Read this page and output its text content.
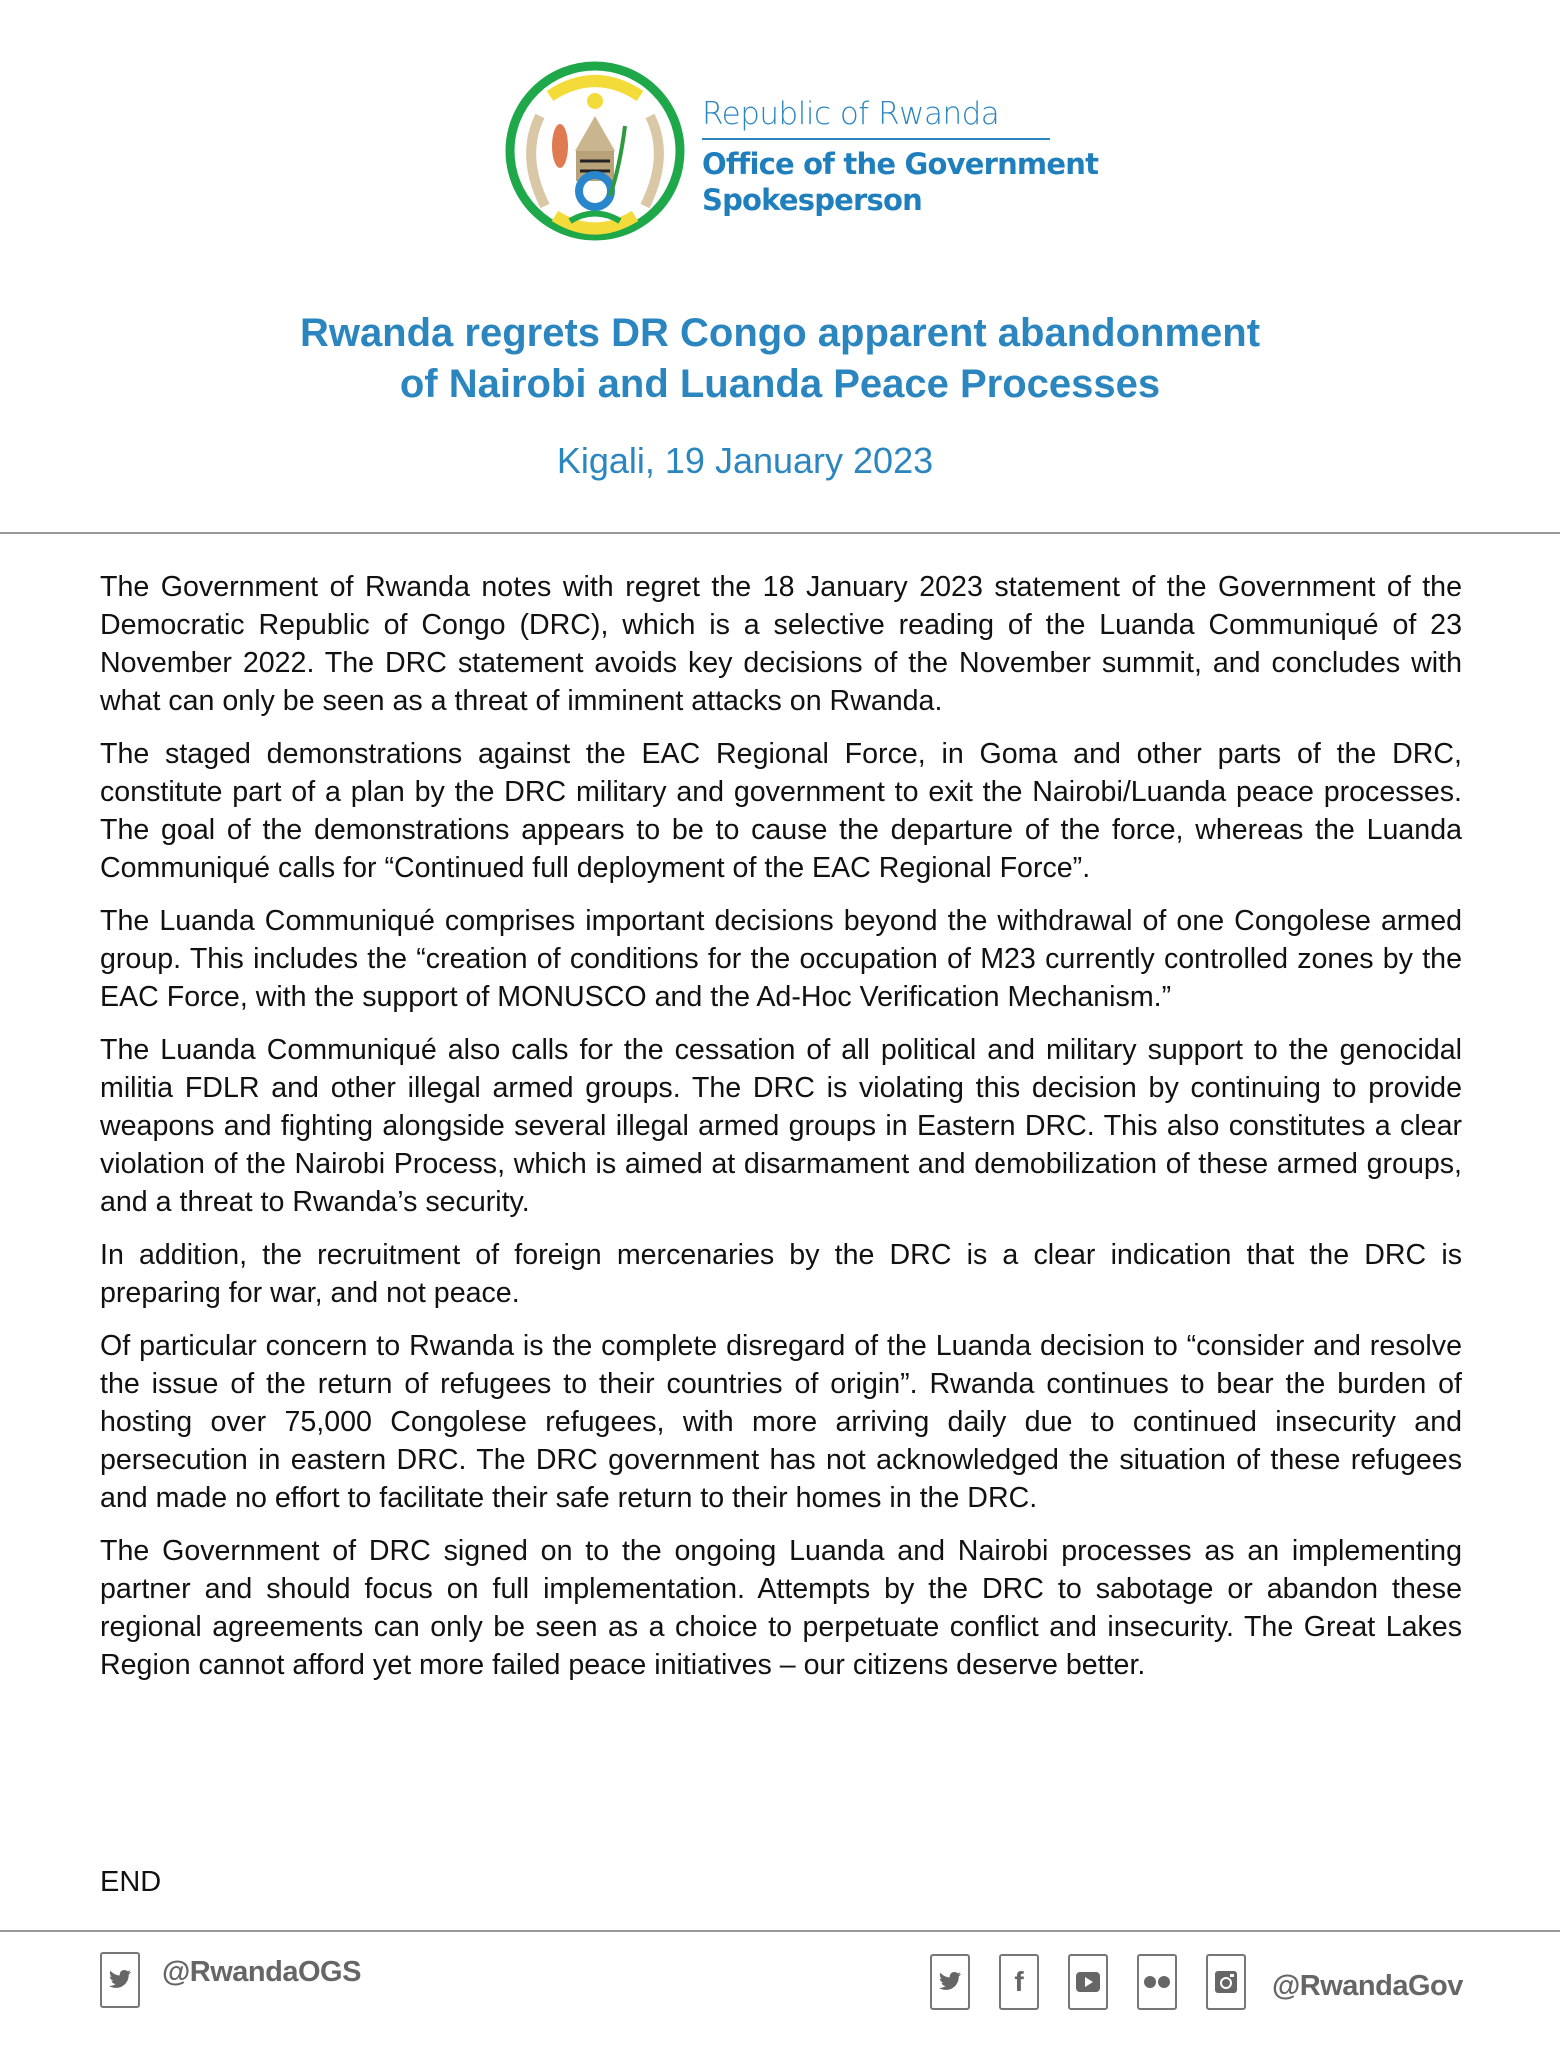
Republic of Rwanda
Office of the Government
Spokesperson
Rwanda regrets DR Congo apparent abandonment
of Nairobi and Luanda Peace Processes
Kigali, 19 January 2023

The Government of Rwanda notes with regret the 18 January 2023 statement of the Government of the Democratic Republic of Congo (DRC), which is a selective reading of the Luanda Communiqué of 23 November 2022. The DRC statement avoids key decisions of the November summit, and concludes with what can only be seen as a threat of imminent attacks on Rwanda.

The staged demonstrations against the EAC Regional Force, in Goma and other parts of the DRC, constitute part of a plan by the DRC military and government to exit the Nairobi/Luanda peace processes. The goal of the demonstrations appears to be to cause the departure of the force, whereas the Luanda Communiqué calls for “Continued full deployment of the EAC Regional Force”.

The Luanda Communiqué comprises important decisions beyond the withdrawal of one Congolese armed group. This includes the “creation of conditions for the occupation of M23 currently controlled zones by the EAC Force, with the support of MONUSCO and the Ad-Hoc Verification Mechanism.”

The Luanda Communiqué also calls for the cessation of all political and military support to the genocidal militia FDLR and other illegal armed groups. The DRC is violating this decision by continuing to provide weapons and fighting alongside several illegal armed groups in Eastern DRC. This also constitutes a clear violation of the Nairobi Process, which is aimed at disarmament and demobilization of these armed groups, and a threat to Rwanda’s security.

In addition, the recruitment of foreign mercenaries by the DRC is a clear indication that the DRC is preparing for war, and not peace.

Of particular concern to Rwanda is the complete disregard of the Luanda decision to “consider and resolve the issue of the return of refugees to their countries of origin”. Rwanda continues to bear the burden of hosting over 75,000 Congolese refugees, with more arriving daily due to continued insecurity and persecution in eastern DRC. The DRC government has not acknowledged the situation of these refugees and made no effort to facilitate their safe return to their homes in the DRC.

The Government of DRC signed on to the ongoing Luanda and Nairobi processes as an implementing partner and should focus on full implementation. Attempts by the DRC to sabotage or abandon these regional agreements can only be seen as a choice to perpetuate conflict and insecurity. The Great Lakes Region cannot afford yet more failed peace initiatives – our citizens deserve better.

END
@RwandaOGS	f	@RwandaGov
